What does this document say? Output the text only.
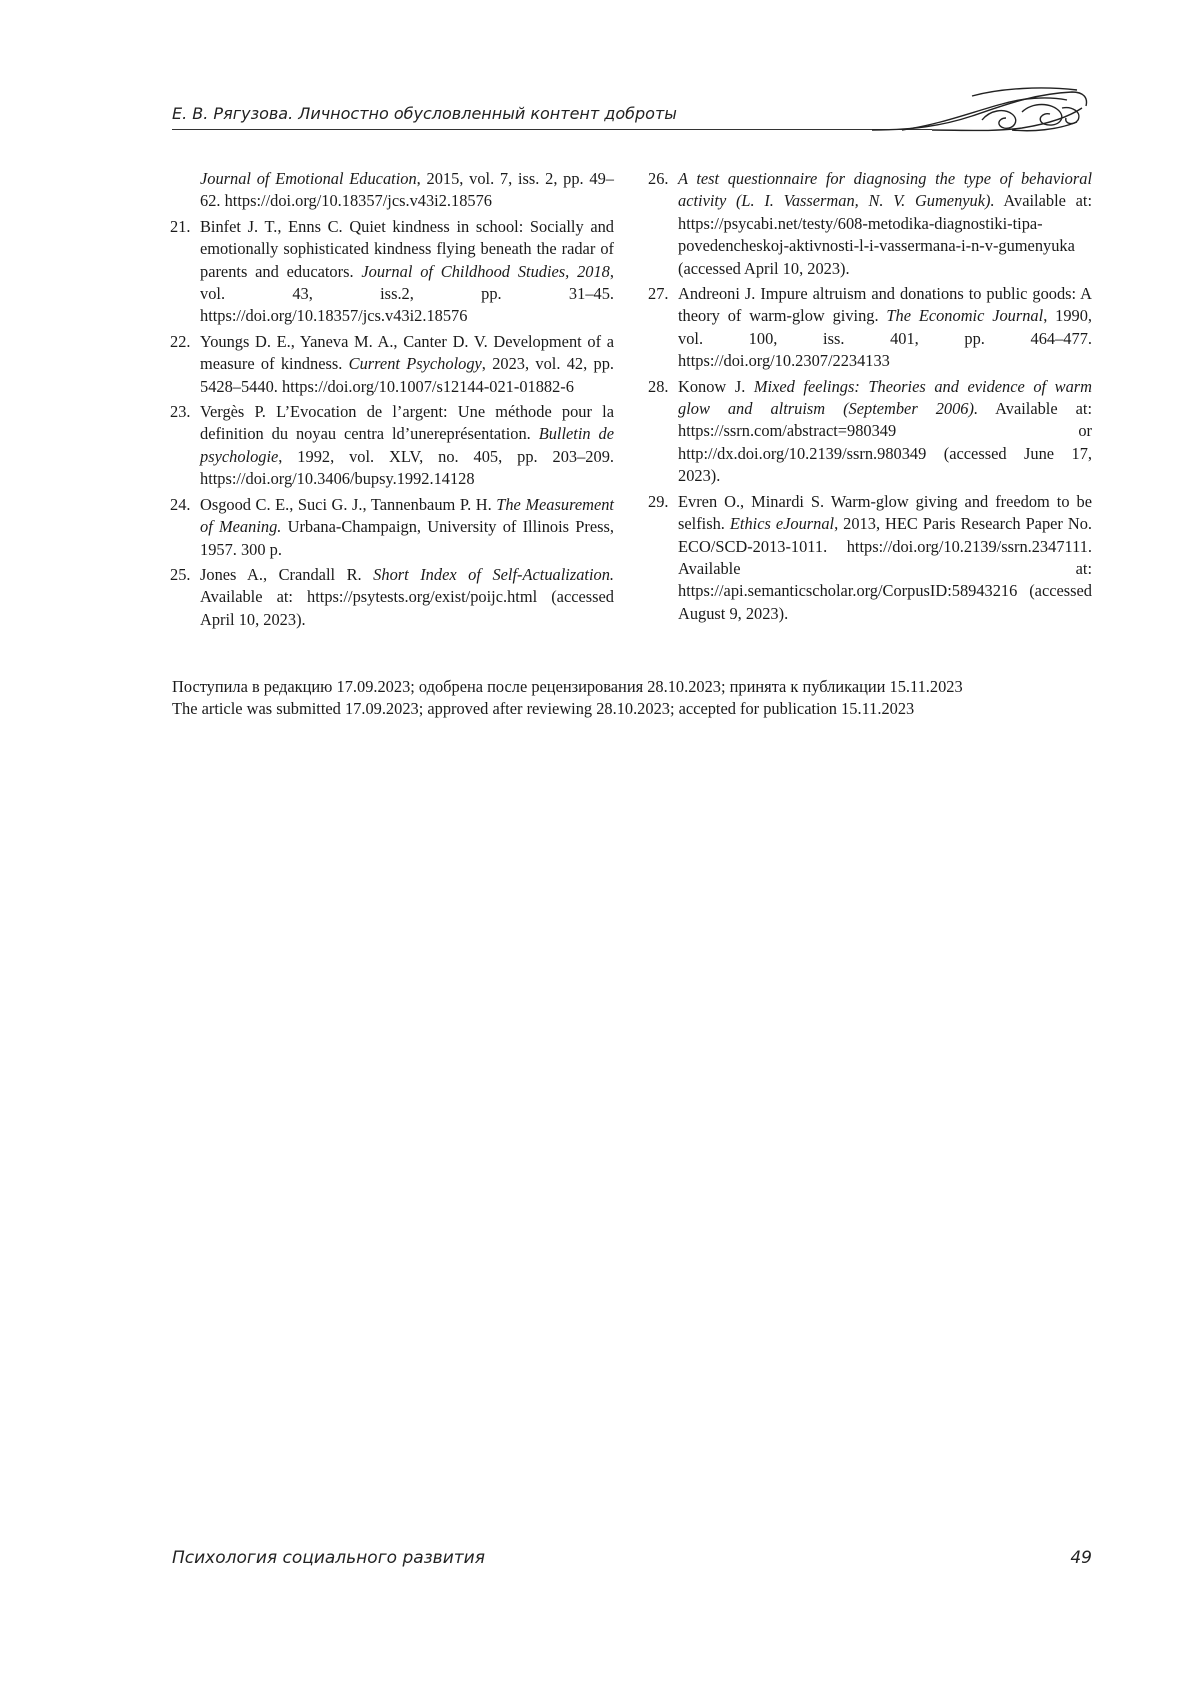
Е. В. Рягузова. Личностно обусловленный контент доброты
Journal of Emotional Education, 2015, vol. 7, iss. 2, pp. 49–62. https://doi.org/10.18357/jcs.v43i2.18576
21. Binfet J. T., Enns C. Quiet kindness in school: Socially and emotionally sophisticated kindness flying beneath the radar of parents and educators. Journal of Childhood Studies, 2018, vol. 43, iss.2, pp. 31–45. https://doi.org/10.18357/jcs.v43i2.18576
22. Youngs D. E., Yaneva M. A., Canter D. V. Development of a measure of kindness. Current Psychology, 2023, vol. 42, pp. 5428–5440. https://doi.org/10.1007/s12144-021-01882-6
23. Vergès P. L’Evocation de l’argent: Une méthode pour la definition du noyau centra ld’unereprésentation. Bulletin de psychologie, 1992, vol. XLV, no. 405, pp. 203–209. https://doi.org/10.3406/bupsy.1992.14128
24. Osgood C. E., Suci G. J., Tannenbaum P. H. The Measurement of Meaning. Urbana-Champaign, University of Illinois Press, 1957. 300 p.
25. Jones A., Crandall R. Short Index of Self-Actualization. Available at: https://psytests.org/exist/poijc.html (accessed April 10, 2023).
26. A test questionnaire for diagnosing the type of behavioral activity (L. I. Vasserman, N. V. Gumenyuk). Available at: https://psycabi.net/testy/608-metodika-diagnostiki-tipa-povedencheskoj-aktivnosti-l-i-vassermana-i-n-v-gumenyuka (accessed April 10, 2023).
27. Andreoni J. Impure altruism and donations to public goods: A theory of warm-glow giving. The Economic Journal, 1990, vol. 100, iss. 401, pp. 464–477. https://doi.org/10.2307/2234133
28. Konow J. Mixed feelings: Theories and evidence of warm glow and altruism (September 2006). Available at: https://ssrn.com/abstract=980349 or http://dx.doi.org/10.2139/ssrn.980349 (accessed June 17, 2023).
29. Evren O., Minardi S. Warm-glow giving and freedom to be selfish. Ethics eJournal, 2013, HEC Paris Research Paper No. ECO/SCD-2013-1011. https://doi.org/10.2139/ssrn.2347111. Available at: https://api.semanticscholar.org/CorpusID:58943216 (accessed August 9, 2023).
Поступила в редакцию 17.09.2023; одобрена после рецензирования 28.10.2023; принята к публикации 15.11.2023
The article was submitted 17.09.2023; approved after reviewing 28.10.2023; accepted for publication 15.11.2023
Психология социального развития	49
